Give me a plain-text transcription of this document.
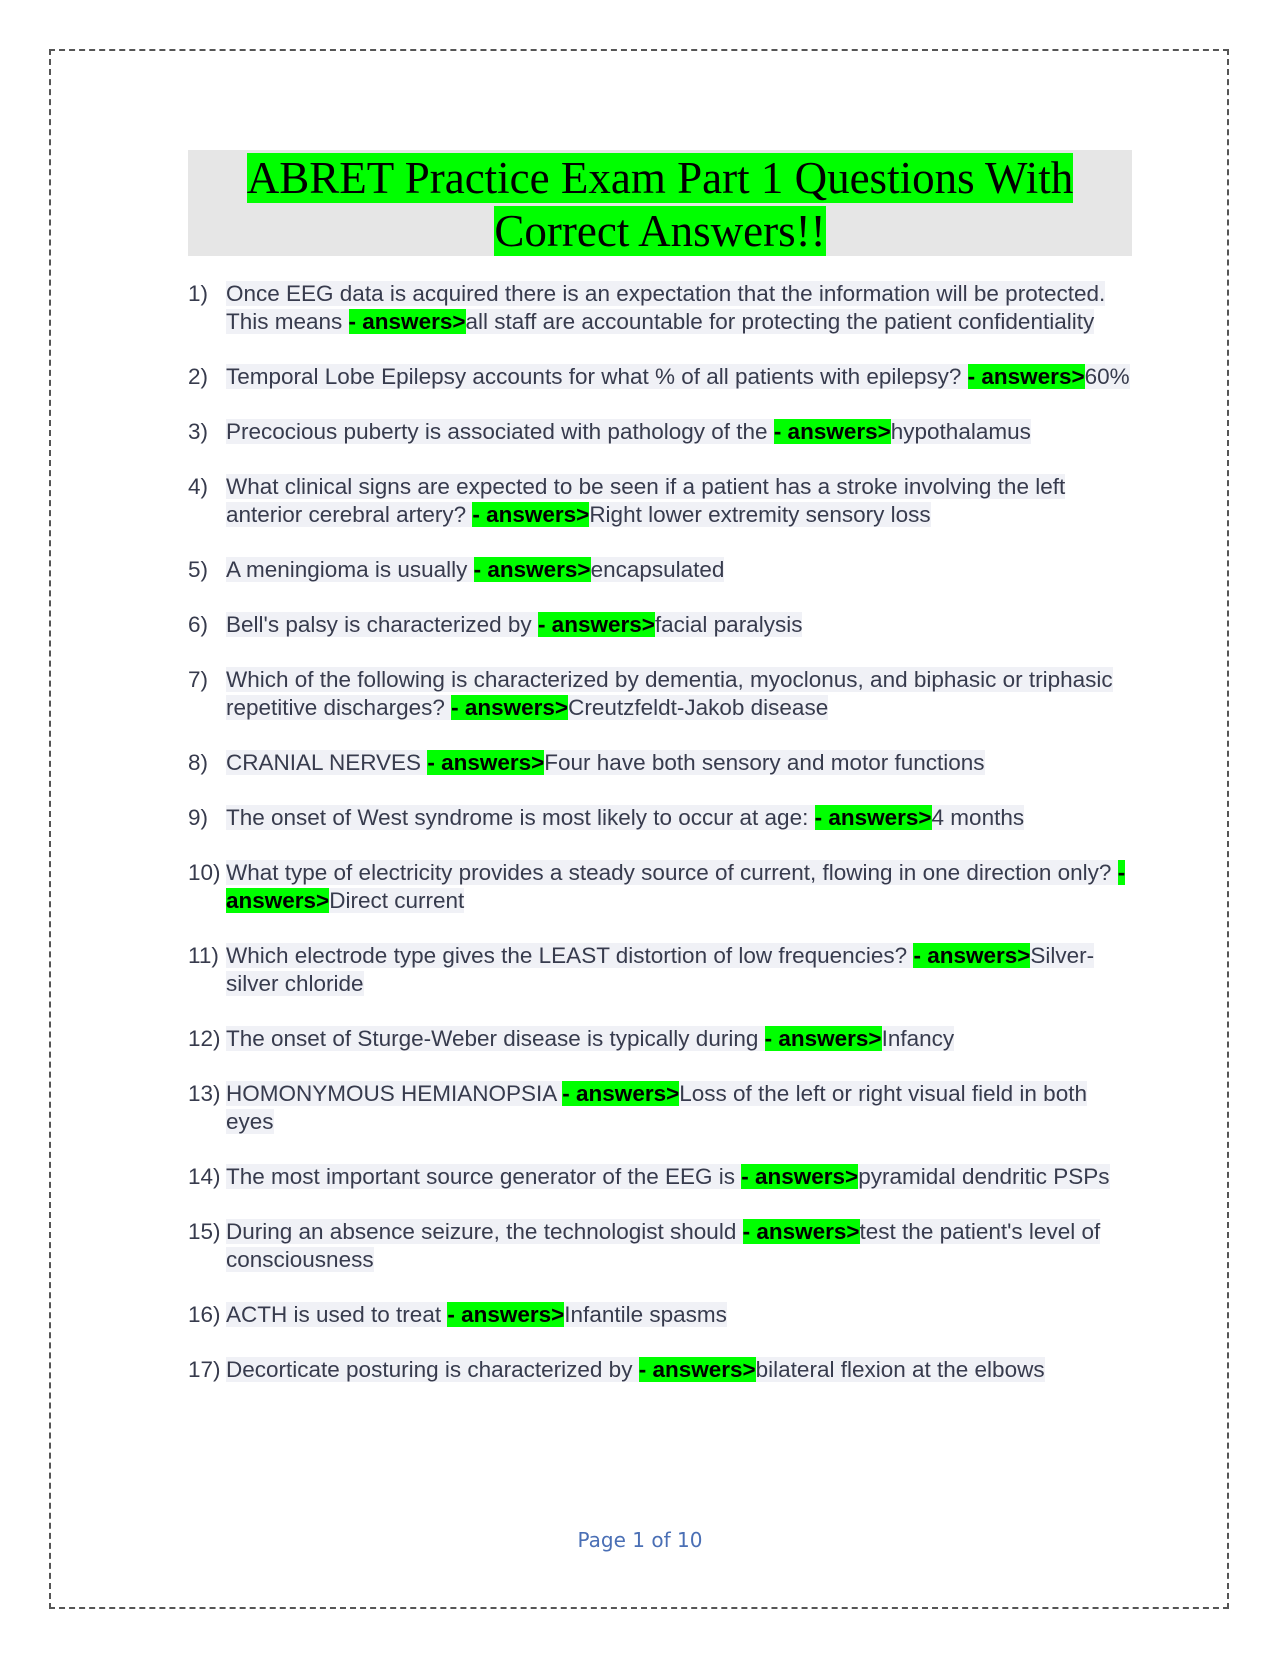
ABRET Practice Exam Part 1 Questions With
Correct Answers!!
1) Once EEG data is acquired there is an expectation that the information will be protected. This means - answers>all staff are accountable for protecting the patient confidentiality
2) Temporal Lobe Epilepsy accounts for what % of all patients with epilepsy? - answers>60%
3) Precocious puberty is associated with pathology of the - answers>hypothalamus
4) What clinical signs are expected to be seen if a patient has a stroke involving the left anterior cerebral artery? - answers>Right lower extremity sensory loss
5) A meningioma is usually - answers>encapsulated
6) Bell's palsy is characterized by - answers>facial paralysis
7) Which of the following is characterized by dementia, myoclonus, and biphasic or triphasic repetitive discharges? - answers>Creutzfeldt-Jakob disease
8) CRANIAL NERVES - answers>Four have both sensory and motor functions
9) The onset of West syndrome is most likely to occur at age: - answers>4 months
10) What type of electricity provides a steady source of current, flowing in one direction only? - answers>Direct current
11) Which electrode type gives the LEAST distortion of low frequencies? - answers>Silver-silver chloride
12) The onset of Sturge-Weber disease is typically during - answers>Infancy
13) HOMONYMOUS HEMIANOPSIA - answers>Loss of the left or right visual field in both eyes
14) The most important source generator of the EEG is - answers>pyramidal dendritic PSPs
15) During an absence seizure, the technologist should - answers>test the patient's level of consciousness
16) ACTH is used to treat - answers>Infantile spasms
17) Decorticate posturing is characterized by - answers>bilateral flexion at the elbows
Page 1 of 10
